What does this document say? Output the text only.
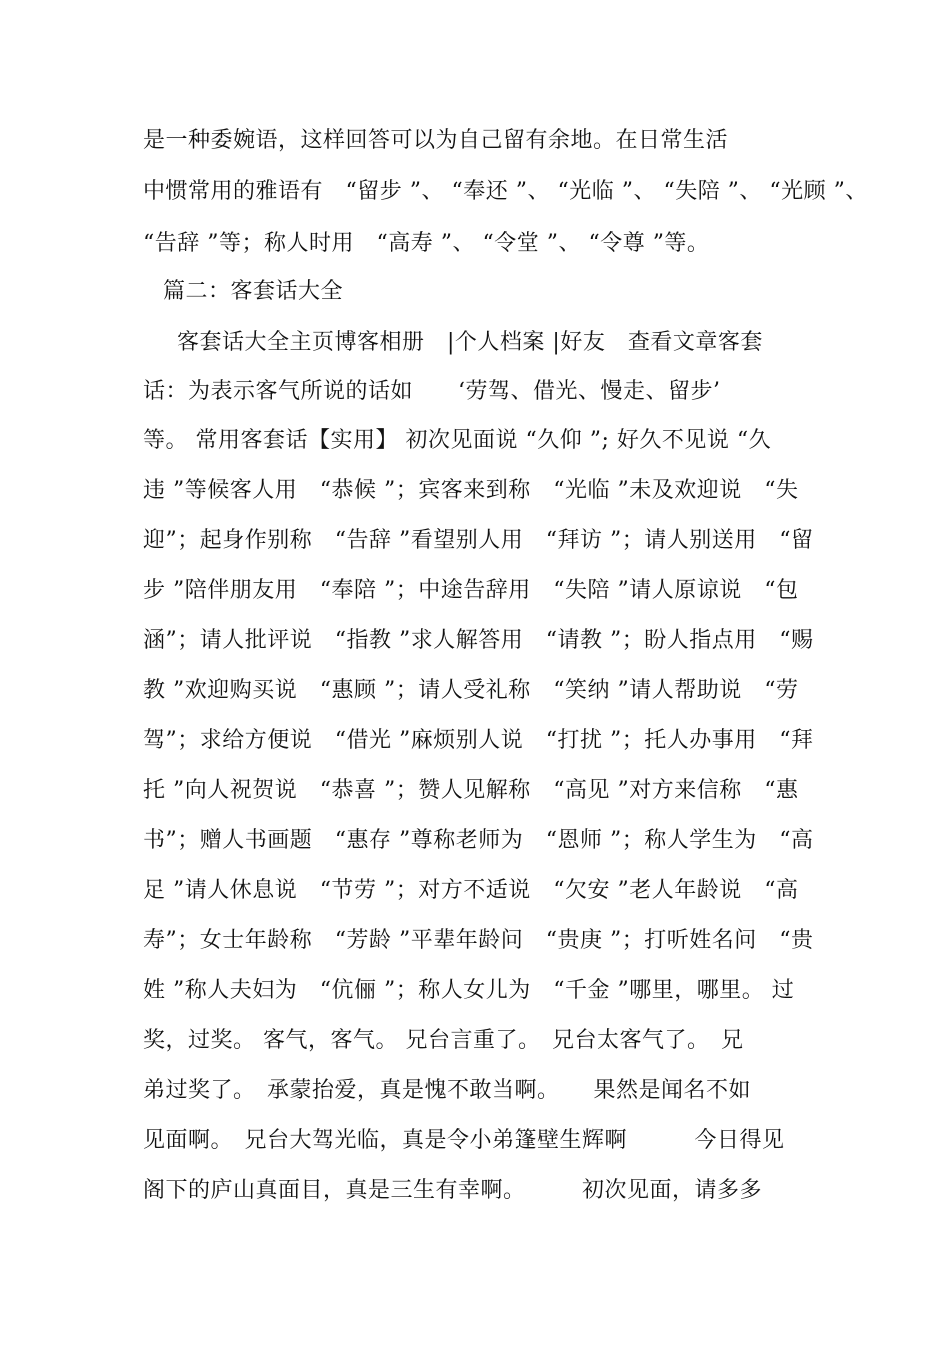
是一种委婉语，这样回答可以为自己留有余地。在日常生活
中惯常用的雅语有　“留步 ”、 “奉还 ”、 “光临 ”、 “失陪 ”、 “光顾 ”、
“告辞 ”等；称人时用　“高寿 ”、 “令堂 ”、 “令尊 ”等。
篇二：客套话大全
客套话大全主页博客相册　|个人档案 |好友　查看文章客套
话：为表示客气所说的话如　　‘劳驾、借光、慢走、留步’
等。 常用客套话【实用】 初次见面说 “久仰 ”; 好久不见说 “久
违 ”等候客人用　“恭候 ”；宾客来到称　“光临 ”未及欢迎说　“失
迎”；起身作别称　“告辞 ”看望别人用　“拜访 ”；请人别送用　“留
步 ”陪伴朋友用　“奉陪 ”；中途告辞用　“失陪 ”请人原谅说　“包
涵”；请人批评说　“指教 ”求人解答用　“请教 ”；盼人指点用　“赐
教 ”欢迎购买说　“惠顾 ”；请人受礼称　“笑纳 ”请人帮助说　“劳
驾”；求给方便说　“借光 ”麻烦别人说　“打扰 ”；托人办事用　“拜
托 ”向人祝贺说　“恭喜 ”；赞人见解称　“高见 ”对方来信称　“惠
书”；赠人书画题　“惠存 ”尊称老师为　“恩师 ”；称人学生为　“高
足 ”请人休息说　“节劳 ”；对方不适说　“欠安 ”老人年龄说　“高
寿”；女士年龄称　“芳龄 ”平辈年龄问　“贵庚 ”；打听姓名问　“贵
姓 ”称人夫妇为　“伉俪 ”；称人女儿为　“千金 ”哪里，哪里。 过
奖，过奖。 客气，客气。 兄台言重了。　兄台太客气了。　兄
弟过奖了。　承蒙抬爱，真是愧不敢当啊。　　果然是闻名不如
见面啊。　兄台大驾光临，真是令小弟篷壁生辉啊　　　今日得见
阁下的庐山真面目，真是三生有幸啊。　　　初次见面，请多多
